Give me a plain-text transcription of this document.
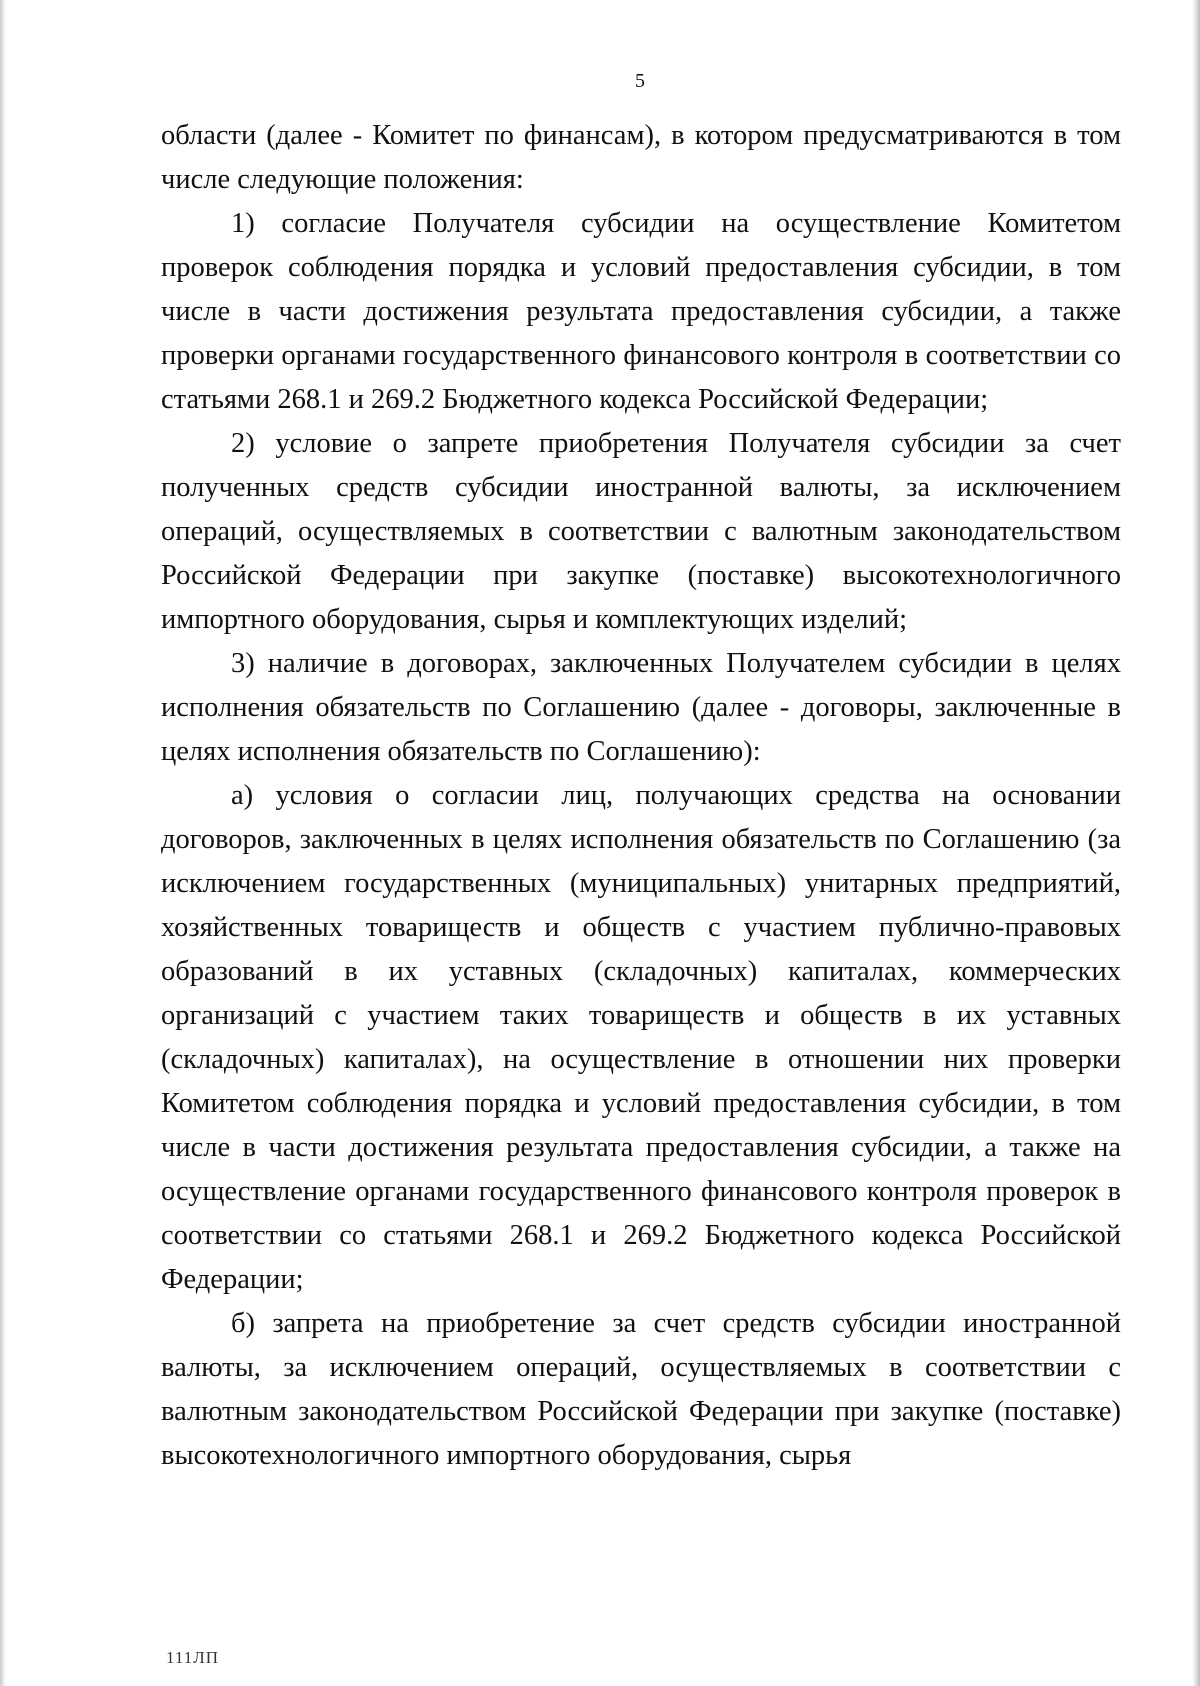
5

области (далее - Комитет по финансам), в котором предусматриваются в том числе следующие положения:

1) согласие Получателя субсидии на осуществление Комитетом проверок соблюдения порядка и условий предоставления субсидии, в том числе в части достижения результата предоставления субсидии, а также проверки органами государственного финансового контроля в соответствии со статьями 268.1 и 269.2 Бюджетного кодекса Российской Федерации;

2) условие о запрете приобретения Получателя субсидии за счет полученных средств субсидии иностранной валюты, за исключением операций, осуществляемых в соответствии с валютным законодательством Российской Федерации при закупке (поставке) высокотехнологичного импортного оборудования, сырья и комплектующих изделий;

3) наличие в договорах, заключенных Получателем субсидии в целях исполнения обязательств по Соглашению (далее - договоры, заключенные в целях исполнения обязательств по Соглашению):

а) условия о согласии лиц, получающих средства на основании договоров, заключенных в целях исполнения обязательств по Соглашению (за исключением государственных (муниципальных) унитарных предприятий, хозяйственных товариществ и обществ с участием публично-правовых образований в их уставных (складочных) капиталах, коммерческих организаций с участием таких товариществ и обществ в их уставных (складочных) капиталах), на осуществление в отношении них проверки Комитетом соблюдения порядка и условий предоставления субсидии, в том числе в части достижения результата предоставления субсидии, а также на осуществление органами государственного финансового контроля проверок в соответствии со статьями 268.1 и 269.2 Бюджетного кодекса Российской Федерации;

б) запрета на приобретение за счет средств субсидии иностранной валюты, за исключением операций, осуществляемых в соответствии с валютным законодательством Российской Федерации при закупке (поставке) высокотехнологичного импортного оборудования, сырья

111ЛП
